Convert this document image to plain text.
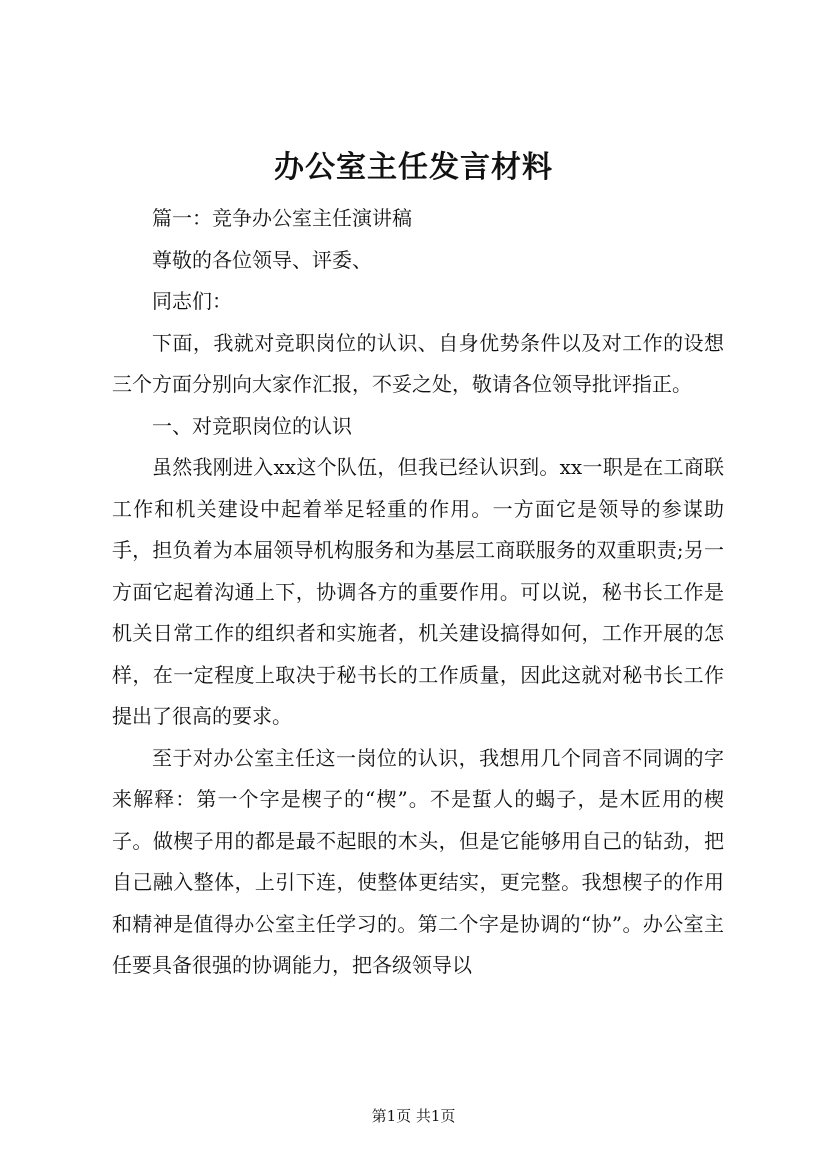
办公室主任发言材料

篇一：竞争办公室主任演讲稿

尊敬的各位领导、评委、

同志们：

下面，我就对竞职岗位的认识、自身优势条件以及对工作的设想三个方面分别向大家作汇报，不妥之处，敬请各位领导批评指正。

一、对竞职岗位的认识

虽然我刚进入xx这个队伍，但我已经认识到。xx一职是在工商联工作和机关建设中起着举足轻重的作用。一方面它是领导的参谋助手，担负着为本届领导机构服务和为基层工商联服务的双重职责;另一方面它起着沟通上下，协调各方的重要作用。可以说，秘书长工作是机关日常工作的组织者和实施者，机关建设搞得如何，工作开展的怎样，在一定程度上取决于秘书长的工作质量，因此这就对秘书长工作提出了很高的要求。

至于对办公室主任这一岗位的认识，我想用几个同音不同调的字来解释：第一个字是楔子的“楔”。不是蜇人的蝎子，是木匠用的楔子。做楔子用的都是最不起眼的木头，但是它能够用自己的钻劲，把自己融入整体，上引下连，使整体更结实，更完整。我想楔子的作用和精神是值得办公室主任学习的。第二个字是协调的“协”。办公室主任要具备很强的协调能力，把各级领导以

第1页 共1页
